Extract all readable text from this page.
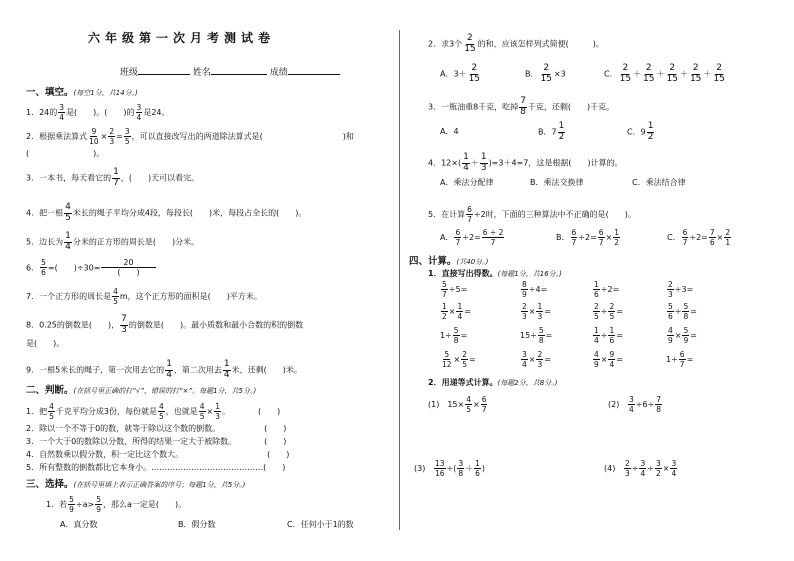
六年级第一次月考测试卷
班级	姓名	成绩
一、填空。(每空1分，共14分。)
1．24的 $\frac{3}{4}$ 是(　　)。(　　)的 $\frac{3}{4}$ 是24。
2．根据乘法算式 $\frac{9}{10} \times \frac{2}{3} = \frac{3}{5}$ ，可以直接改写出的两道除法算式是(　　　　　　　　　　)和
(　　　　　　　　)。
3．一本书，每天看它的 $\frac{1}{7}$ ，(　　)天可以看完。
4．把一根 $\frac{4}{5}$ 米长的绳子平均分成4段，每段长(　　)米，每段占全长的(　　)。
5．边长为 $\frac{1}{4}$ 分米的正方形的周长是(　　)分米。
6． $\frac{5}{6}$ =(　　)÷30=
20
(　　)
7．一个正方形的周长是 $\frac{4}{5}$ m，这个正方形的面积是(　　)平方米。
8．0.25的倒数是(　　)， $\frac{7}{3}$ 的倒数是(　　)。最小质数和最小合数的积的倒数
是(　　)。
9．一根5米长的绳子，第一次用去它的 $\frac{1}{4}$ ，第二次用去 $\frac{1}{4}$ 米，还剩(　　)米。
二、判断。(在括号里正确的打“√”，错误的打“×”。每题1分，共5分。)
1．把 $\frac{4}{5}$ 千克平均分成3份，每份就是 $\frac{4}{5}$ ，也就是 $\frac{4}{5} \times \frac{1}{3}$ 。　　　　(　　)
2．除以一个不等于0的数，就等于除以这个数的倒数。　　　　　　(　　)
3．一个大于0的数除以分数，所得的结果一定大于被除数。　　　　(　　)
4．自然数乘以假分数，积一定比这个数大。　　　　　　　　　　　(　　)
5．所有整数的倒数都比它本身小。……………………………………(　　)
三、选择。(在括号里填上表示正确答案的序号；每题1分，共5分。)
1．若 $\frac{5}{9} \div a> \frac{5}{9}$ ，那么a一定是(　　)。
A．真分数	B．假分数	C．任何小于1的数
2．求3个 $\frac{2}{15}$ 的和，应该怎样列式简便(　　　)。
A．$3+ \frac{2}{15}$	B． $\frac{2}{15} \times 3$	C． $\frac{2}{15} + \frac{2}{15} + \frac{2}{15} + \frac{2}{15} + \frac{2}{15}$
3．一瓶油重8千克，吃掉 $\frac{7}{8}$ 千克，还剩(　　)千克。
A．4	B．$7 \frac{1}{2}$	C．$9 \frac{1}{2}$
4．$12\times( \frac{1}{4} + \frac{1}{3} )=3+4=7$，这是根据(　　)计算的。
A．乘法分配律	B．乘法交换律	C．乘法结合律
5．在计算 $\frac{6}{7} \div 2$时，下面的三种算法中不正确的是(　　)。
A． $\frac{6}{7} \div 2= \frac{6 \div 2}{7}$	B． $\frac{6}{7} \div 2= \frac{6}{7} \times \frac{1}{2}$	C． $\frac{6}{7} \div 2= \frac{7}{6} \times \frac{2}{1}$
四、计算。(共40分。)
1．直接写出得数。(每题1分，共16分。)
$\frac{5}{7} \div 5=$	$\frac{8}{9} \div 4=$	$\frac{1}{6} \div 2=$	$\frac{2}{3} \div 3=$
$\frac{1}{2} \times \frac{1}{4}$ =	$\frac{2}{3} \times \frac{1}{3}$ =	$\frac{2}{5} \div \frac{2}{5}$ =	$\frac{5}{6} \div \frac{5}{8}$ =
$1\div \frac{5}{8}$ =	$15\div \frac{5}{8}$ =	$\frac{1}{4} \div \frac{1}{6}$ =	$\frac{4}{9} \times \frac{5}{9}$ =
$\frac{5}{12} \times \frac{2}{5}$ =	$\frac{3}{4} \times \frac{2}{3}$ =	$\frac{4}{9} \times \frac{9}{4}$ =	$1\div \frac{6}{7}$ =
2．用递等式计算。(每题2分，共8分。)
(1)　$15\times \frac{4}{5} \times \frac{6}{7}$	$(2) \frac{3}{4} \div 6\div \frac{7}{8}$
$(3) \frac{13}{16}$ ÷( $\frac{3}{8} + \frac{1}{6}$ )	$(4) \frac{2}{3} \div \frac{3}{4} \div \frac{3}{2} \times \frac{3}{4}$
